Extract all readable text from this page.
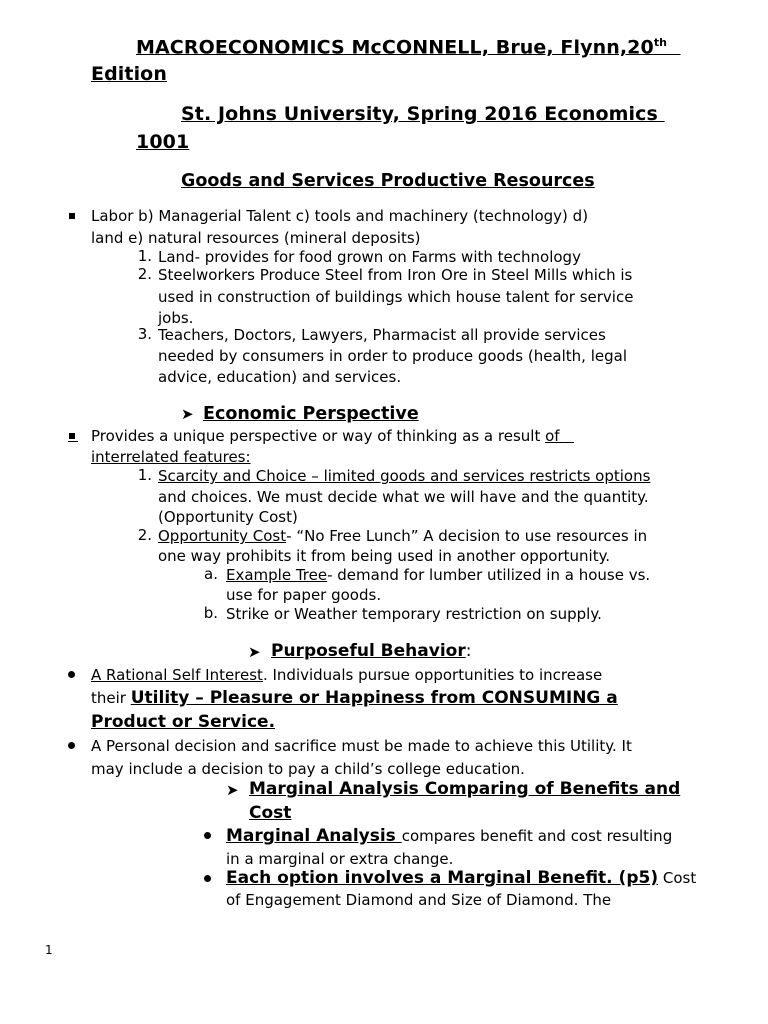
MACROECONOMICS McCONNELL, Brue, Flynn,20th
Edition
St. Johns University, Spring 2016 Economics
1001
Goods and Services Productive Resources
Labor b) Managerial Talent c) tools and machinery (technology) d)
land e) natural resources (mineral deposits)
1. Land- provides for food grown on Farms with technology
2. Steelworkers Produce Steel from Iron Ore in Steel Mills which is
used in construction of buildings which house talent for service
jobs.
3. Teachers, Doctors, Lawyers, Pharmacist all provide services
needed by consumers in order to produce goods (health, legal
advice, education) and services.
➤ Economic Perspective
Provides a unique perspective or way of thinking as a result of
interrelated features:
1. Scarcity and Choice – limited goods and services restricts options
and choices. We must decide what we will have and the quantity.
(Opportunity Cost)
2. Opportunity Cost- “No Free Lunch” A decision to use resources in
one way prohibits it from being used in another opportunity.
a. Example Tree- demand for lumber utilized in a house vs.
use for paper goods.
b. Strike or Weather temporary restriction on supply.
➤ Purposeful Behavior:
A Rational Self Interest. Individuals pursue opportunities to increase
their Utility – Pleasure or Happiness from CONSUMING a
Product or Service.
A Personal decision and sacrifice must be made to achieve this Utility. It
may include a decision to pay a child’s college education.
➤ Marginal Analysis Comparing of Benefits and
Cost
Marginal Analysis compares benefit and cost resulting
in a marginal or extra change.
Each option involves a Marginal Benefit. (p5) Cost
of Engagement Diamond and Size of Diamond. The
1
